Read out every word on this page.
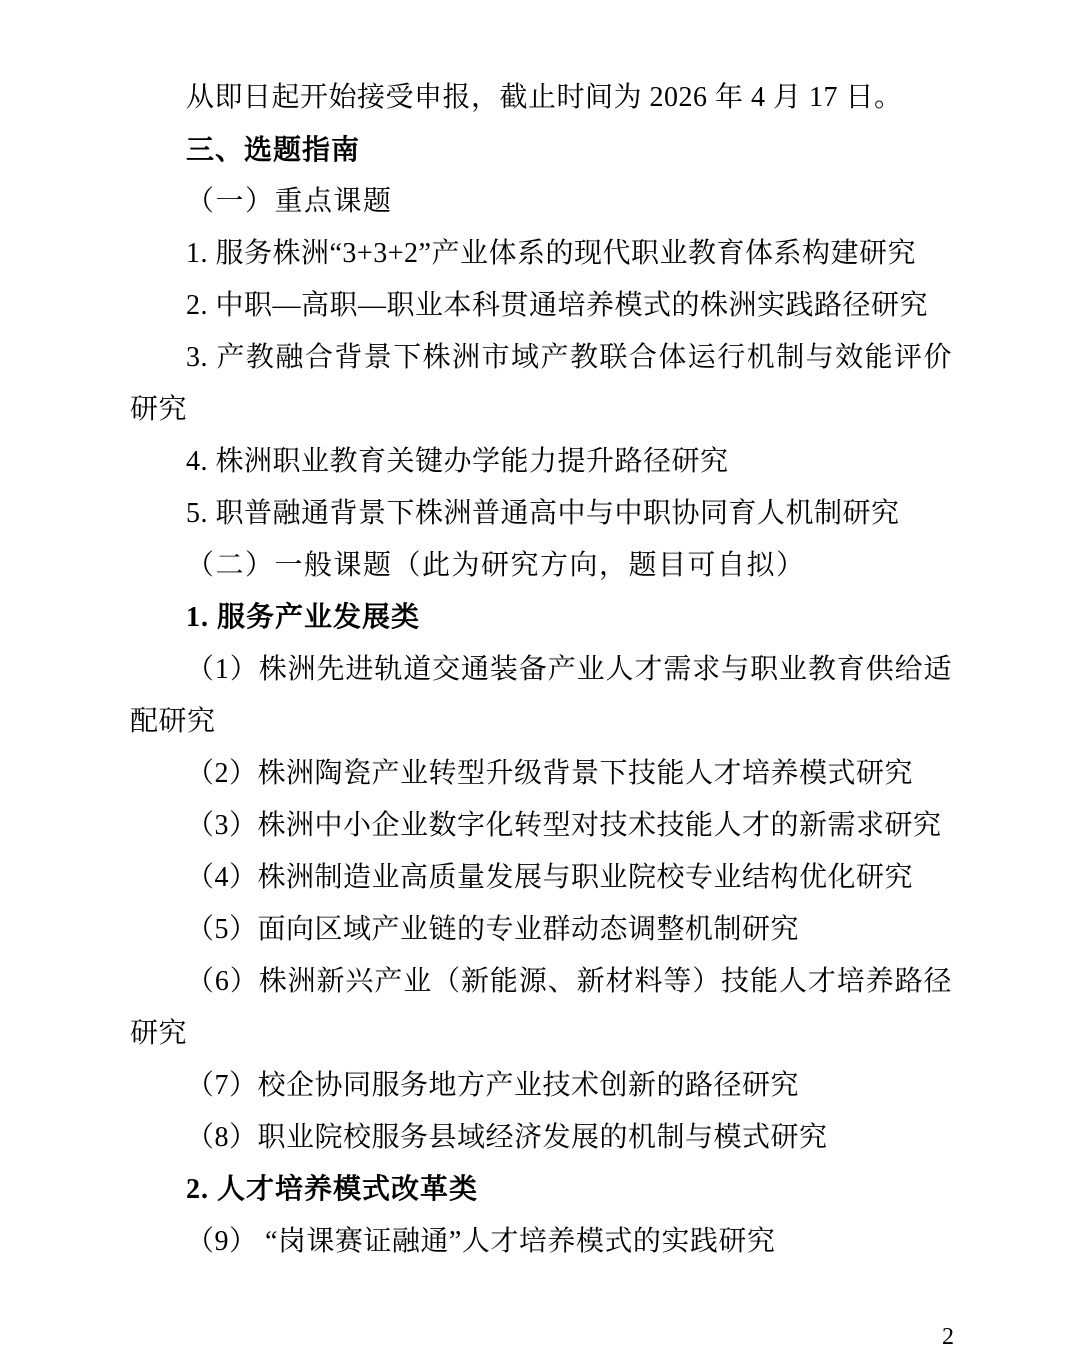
从即日起开始接受申报，截止时间为 2026 年 4 月 17 日。

三、选题指南

（一）重点课题

1. 服务株洲“3+3+2”产业体系的现代职业教育体系构建研究

2. 中职—高职—职业本科贯通培养模式的株洲实践路径研究

3. 产教融合背景下株洲市域产教联合体运行机制与效能评价研究

4. 株洲职业教育关键办学能力提升路径研究

5. 职普融通背景下株洲普通高中与中职协同育人机制研究

（二）一般课题（此为研究方向，题目可自拟）

1. 服务产业发展类

（1）株洲先进轨道交通装备产业人才需求与职业教育供给适配研究

（2）株洲陶瓷产业转型升级背景下技能人才培养模式研究

（3）株洲中小企业数字化转型对技术技能人才的新需求研究

（4）株洲制造业高质量发展与职业院校专业结构优化研究

（5）面向区域产业链的专业群动态调整机制研究

（6）株洲新兴产业（新能源、新材料等）技能人才培养路径研究

（7）校企协同服务地方产业技术创新的路径研究

（8）职业院校服务县域经济发展的机制与模式研究

2. 人才培养模式改革类

（9） “岗课赛证融通”人才培养模式的实践研究

2
